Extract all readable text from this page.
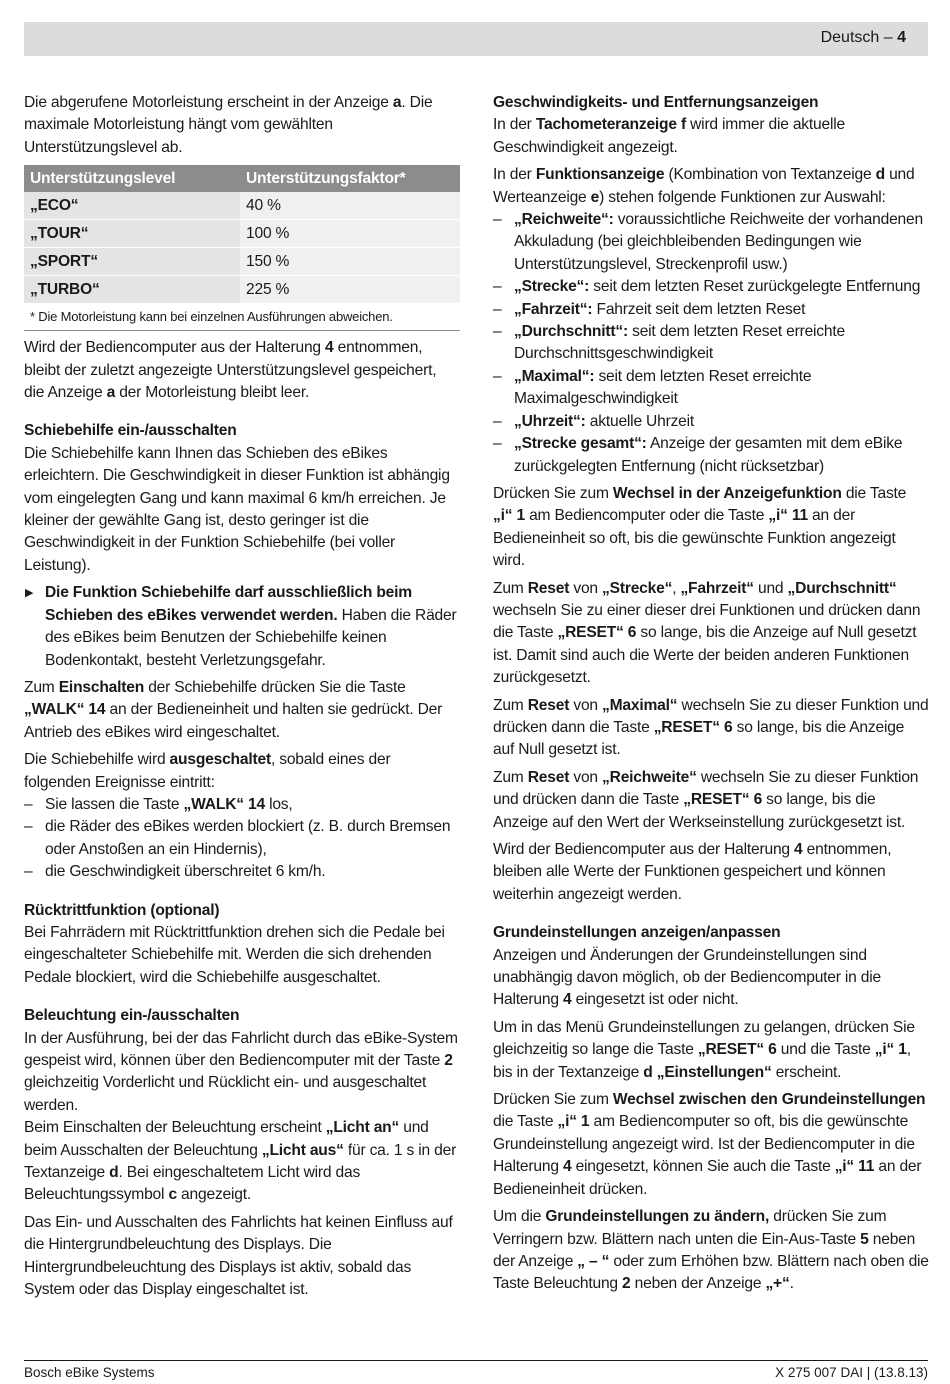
Deutsch – 4

Die abgerufene Motorleistung erscheint in der Anzeige a. Die maximale Motorleistung hängt vom gewählten Unterstützungslevel ab.

Unterstützungslevel	Unterstützungsfaktor*
„ECO“	40 %
„TOUR“	100 %
„SPORT“	150 %
„TURBO“	225 %
* Die Motorleistung kann bei einzelnen Ausführungen abweichen.

Wird der Bediencomputer aus der Halterung 4 entnommen, bleibt der zuletzt angezeigte Unterstützungslevel gespeichert, die Anzeige a der Motorleistung bleibt leer.

Schiebehilfe ein-/ausschalten

Die Schiebehilfe kann Ihnen das Schieben des eBikes erleichtern. Die Geschwindigkeit in dieser Funktion ist abhängig vom eingelegten Gang und kann maximal 6 km/h erreichen. Je kleiner der gewählte Gang ist, desto geringer ist die Geschwindigkeit in der Funktion Schiebehilfe (bei voller Leistung).

▶ Die Funktion Schiebehilfe darf ausschließlich beim Schieben des eBikes verwendet werden. Haben die Räder des eBikes beim Benutzen der Schiebehilfe keinen Bodenkontakt, besteht Verletzungsgefahr.

Zum Einschalten der Schiebehilfe drücken Sie die Taste „WALK“ 14 an der Bedieneinheit und halten sie gedrückt. Der Antrieb des eBikes wird eingeschaltet.

Die Schiebehilfe wird ausgeschaltet, sobald eines der folgenden Ereignisse eintritt:

– Sie lassen die Taste „WALK“ 14 los,
– die Räder des eBikes werden blockiert (z. B. durch Bremsen oder Anstoßen an ein Hindernis),
– die Geschwindigkeit überschreitet 6 km/h.
Rücktrittfunktion (optional)

Bei Fahrrädern mit Rücktrittfunktion drehen sich die Pedale bei eingeschalteter Schiebehilfe mit. Werden die sich drehenden Pedale blockiert, wird die Schiebehilfe ausgeschaltet.

Beleuchtung ein-/ausschalten

In der Ausführung, bei der das Fahrlicht durch das eBike-System gespeist wird, können über den Bediencomputer mit der Taste 2 gleichzeitig Vorderlicht und Rücklicht ein- und ausgeschaltet werden.

Beim Einschalten der Beleuchtung erscheint „Licht an“ und beim Ausschalten der Beleuchtung „Licht aus“ für ca. 1 s in der Textanzeige d. Bei eingeschaltetem Licht wird das Beleuchtungssymbol c angezeigt.

Das Ein- und Ausschalten des Fahrlichts hat keinen Einfluss auf die Hintergrundbeleuchtung des Displays. Die Hintergrundbeleuchtung des Displays ist aktiv, sobald das System oder das Display eingeschaltet ist.

Geschwindigkeits- und Entfernungsanzeigen

In der Tachometeranzeige f wird immer die aktuelle Geschwindigkeit angezeigt.

In der Funktionsanzeige (Kombination von Textanzeige d und Werteanzeige e) stehen folgende Funktionen zur Auswahl:

– „Reichweite“: voraussichtliche Reichweite der vorhandenen Akkuladung (bei gleichbleibenden Bedingungen wie Unterstützungslevel, Streckenprofil usw.)
– „Strecke“: seit dem letzten Reset zurückgelegte Entfernung
– „Fahrzeit“: Fahrzeit seit dem letzten Reset
– „Durchschnitt“: seit dem letzten Reset erreichte Durchschnittsgeschwindigkeit
– „Maximal“: seit dem letzten Reset erreichte Maximalgeschwindigkeit
– „Uhrzeit“: aktuelle Uhrzeit
– „Strecke gesamt“: Anzeige der gesamten mit dem eBike zurückgelegten Entfernung (nicht rücksetzbar)

Drücken Sie zum Wechsel in der Anzeigefunktion die Taste „i“ 1 am Bediencomputer oder die Taste „i“ 11 an der Bedieneinheit so oft, bis die gewünschte Funktion angezeigt wird.

Zum Reset von „Strecke“, „Fahrzeit“ und „Durchschnitt“ wechseln Sie zu einer dieser drei Funktionen und drücken dann die Taste „RESET“ 6 so lange, bis die Anzeige auf Null gesetzt ist. Damit sind auch die Werte der beiden anderen Funktionen zurückgesetzt.

Zum Reset von „Maximal“ wechseln Sie zu dieser Funktion und drücken dann die Taste „RESET“ 6 so lange, bis die Anzeige auf Null gesetzt ist.

Zum Reset von „Reichweite“ wechseln Sie zu dieser Funktion und drücken dann die Taste „RESET“ 6 so lange, bis die Anzeige auf den Wert der Werkseinstellung zurückgesetzt ist.

Wird der Bediencomputer aus der Halterung 4 entnommen, bleiben alle Werte der Funktionen gespeichert und können weiterhin angezeigt werden.

Grundeinstellungen anzeigen/anpassen

Anzeigen und Änderungen der Grundeinstellungen sind unabhängig davon möglich, ob der Bediencomputer in die Halterung 4 eingesetzt ist oder nicht.

Um in das Menü Grundeinstellungen zu gelangen, drücken Sie gleichzeitig so lange die Taste „RESET“ 6 und die Taste „i“ 1, bis in der Textanzeige d „Einstellungen“ erscheint.

Drücken Sie zum Wechsel zwischen den Grundeinstellungen die Taste „i“ 1 am Bediencomputer so oft, bis die gewünschte Grundeinstellung angezeigt wird. Ist der Bediencomputer in die Halterung 4 eingesetzt, können Sie auch die Taste „i“ 11 an der Bedieneinheit drücken.

Um die Grundeinstellungen zu ändern, drücken Sie zum Verringern bzw. Blättern nach unten die Ein-Aus-Taste 5 neben der Anzeige „ – “ oder zum Erhöhen bzw. Blättern nach oben die Taste Beleuchtung 2 neben der Anzeige „+“.

Bosch eBike Systems	X 275 007 DAI | (13.8.13)
